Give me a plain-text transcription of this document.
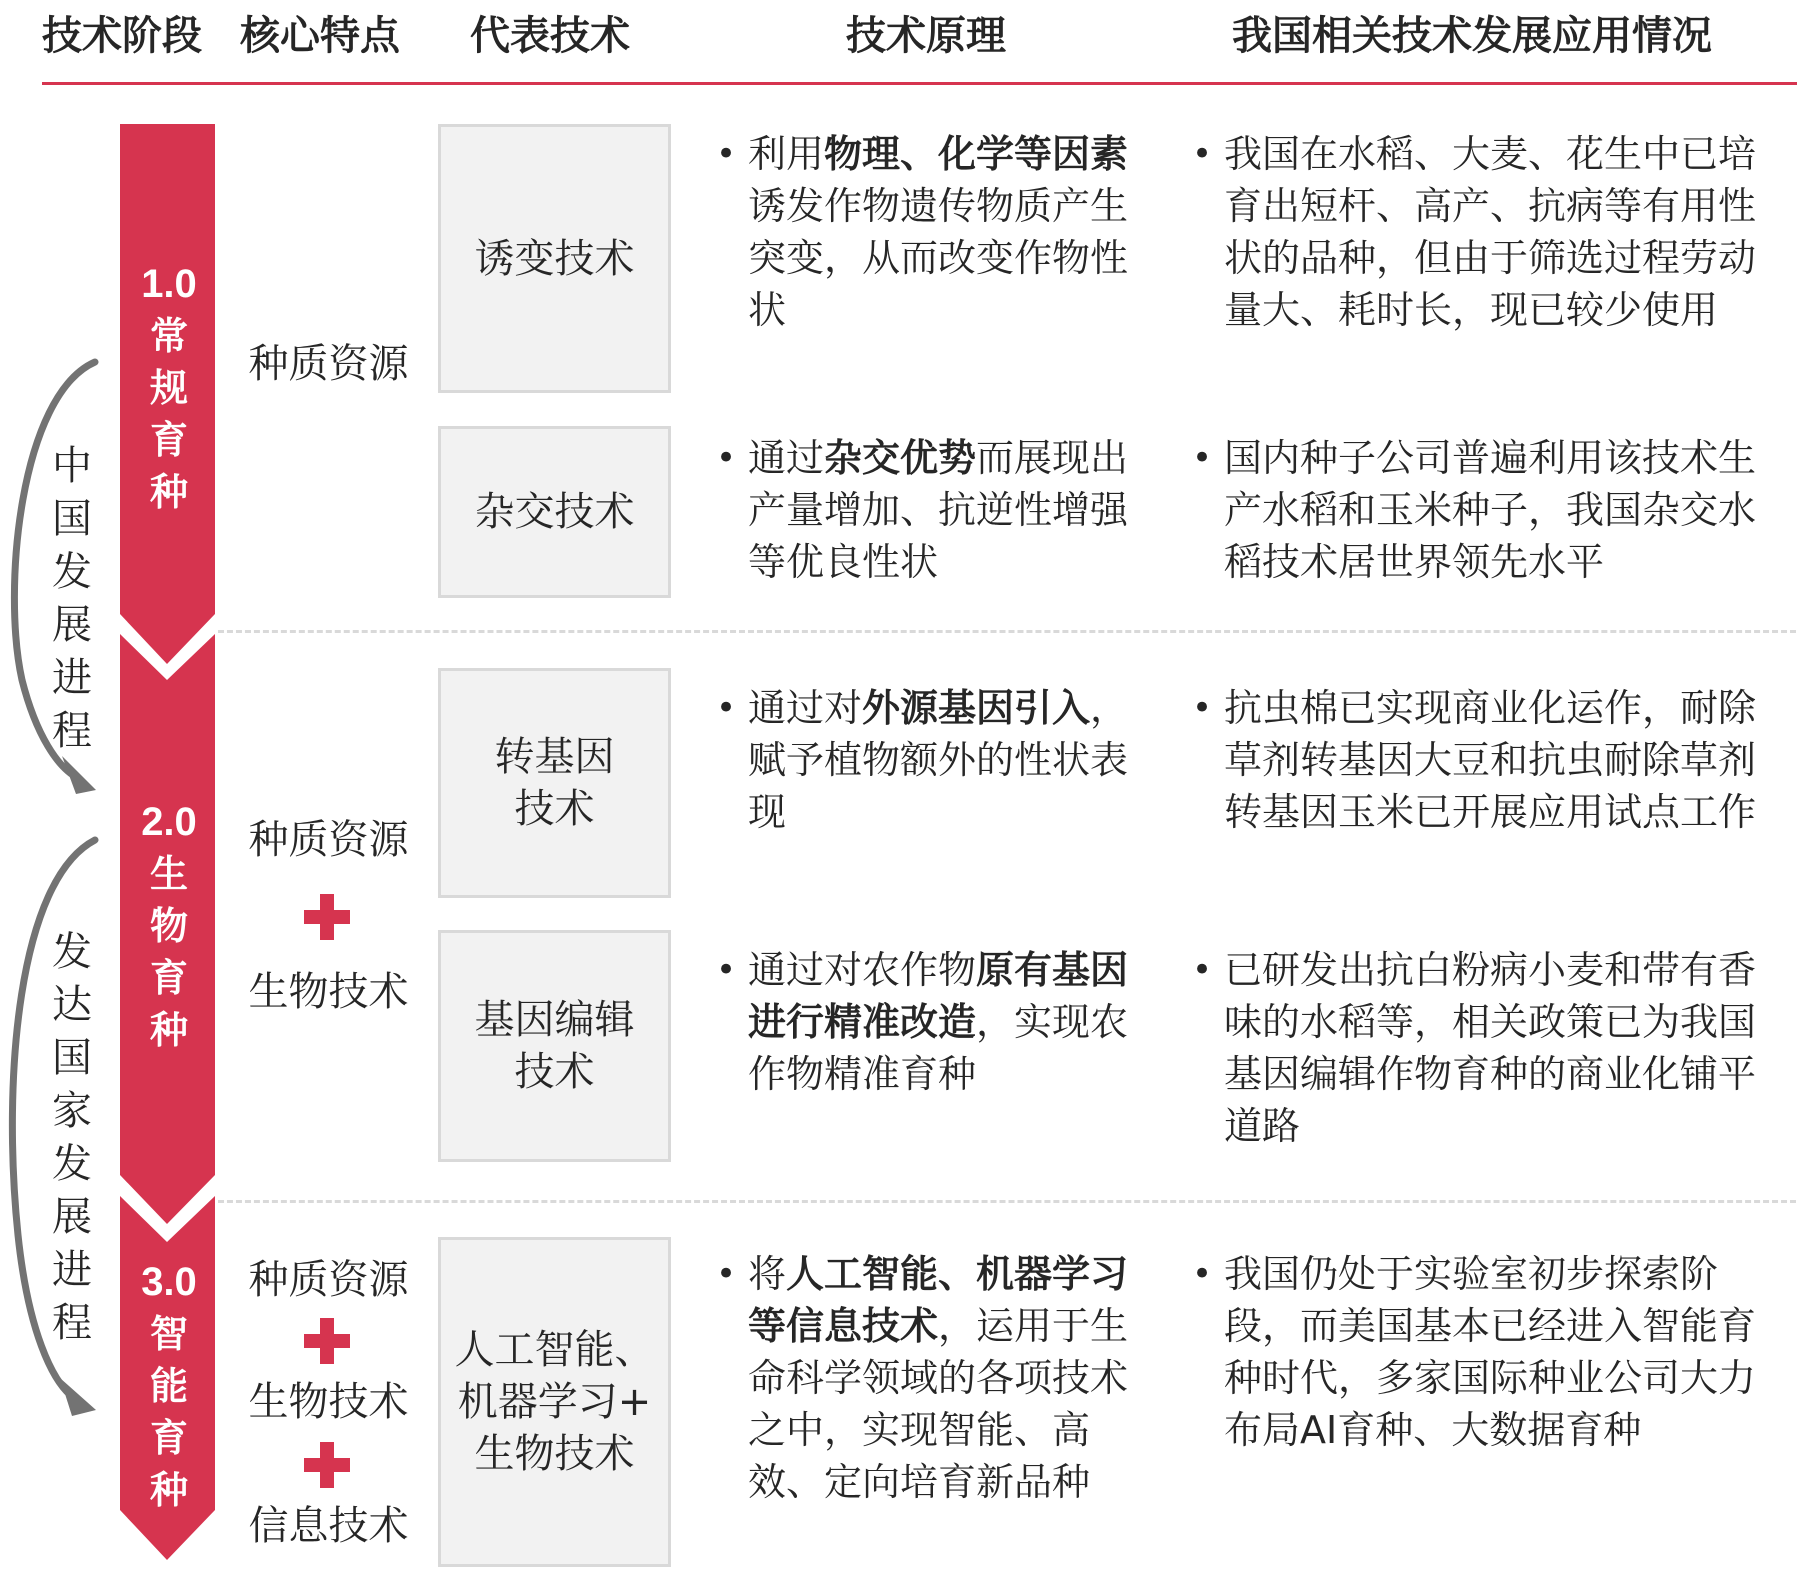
技术阶段 核心特点 代表技术	技术原理	我国相关技术发展应用情况
中
国
发
展
进
程
发
达
国
家
发
展
进
程
1.0
常
规
育
种
2.0
生
物
育
种
3.0
智
能
育
种
种质资源
种质资源
生物技术
种质资源
生物技术
信息技术
诱变技术
杂交技术
转基因
技术
基因编辑
技术
人工智能、
机器学习+
生物技术
• 利用物理、化学等因素诱发作物遗传物质产生突变，从而改变作物性状
• 通过杂交优势而展现出产量增加、抗逆性增强等优良性状
• 通过对外源基因引入，赋予植物额外的性状表现
• 通过对农作物原有基因进行精准改造，实现农作物精准育种
• 将人工智能、机器学习等信息技术，运用于生命科学领域的各项技术之中，实现智能、高效、定向培育新品种
• 我国在水稻、大麦、花生中已培育出短杆、高产、抗病等有用性状的品种，但由于筛选过程劳动量大、耗时长，现已较少使用
• 国内种子公司普遍利用该技术生产水稻和玉米种子，我国杂交水稻技术居世界领先水平
• 抗虫棉已实现商业化运作，耐除草剂转基因大豆和抗虫耐除草剂转基因玉米已开展应用试点工作
• 已研发出抗白粉病小麦和带有香味的水稻等，相关政策已为我国基因编辑作物育种的商业化铺平道路
• 我国仍处于实验室初步探索阶段，而美国基本已经进入智能育种时代，多家国际种业公司大力布局AI育种、大数据育种
